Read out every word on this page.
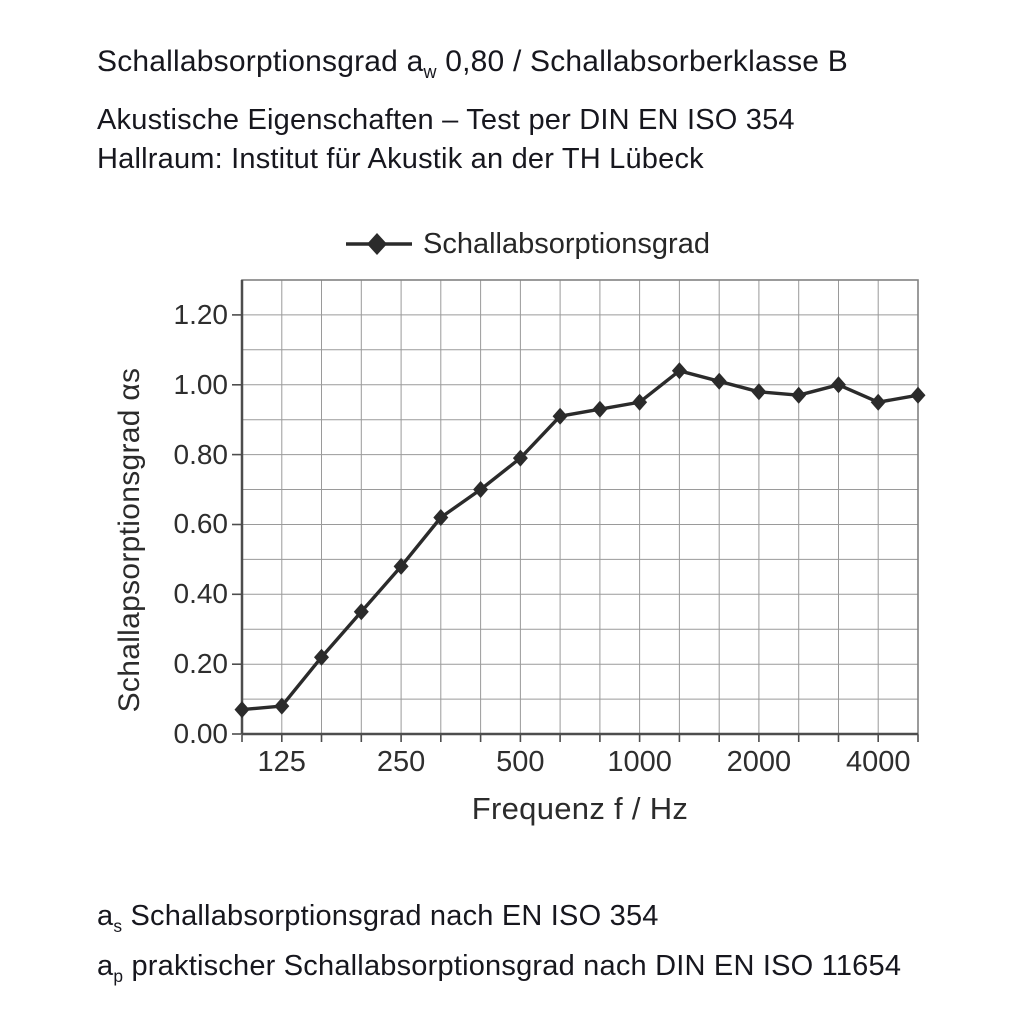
Schallabsorptionsgrad $a_w$ 0,80 / Schallabsorberklasse B
Akustische Eigenschaften – Test per DIN EN ISO 354
Hallraum: Institut für Akustik an der TH Lübeck
Schallabsorptionsgrad
0.00
0.20
0.40
0.60
0.80
1.00
1.20
125	250	500	1000	2000	4000
Schallapsorptionsgrad αs
Frequenz f / Hz
$a_s$ Schallabsorptionsgrad nach EN ISO 354
$a_p$ praktischer Schallabsorptionsgrad nach DIN EN ISO 11654
